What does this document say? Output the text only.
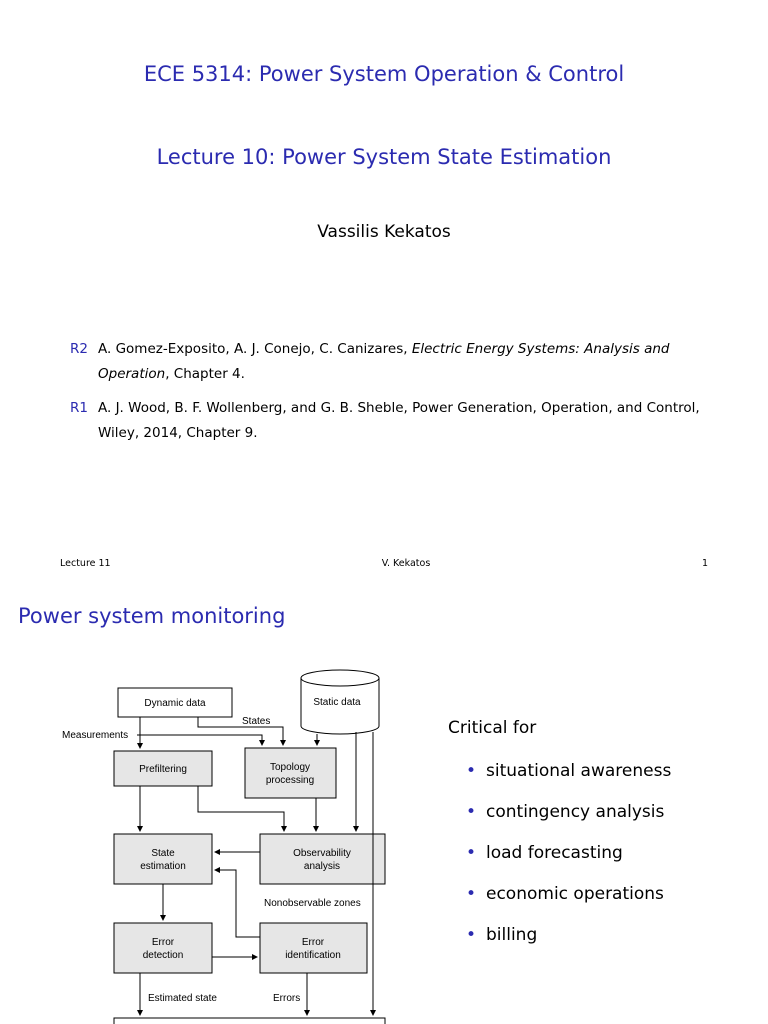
ECE 5314: Power System Operation & Control
Lecture 10: Power System State Estimation
Vassilis Kekatos
R2 A. Gomez-Exposito, A. J. Conejo, C. Canizares, Electric Energy Systems: Analysis and Operation, Chapter 4.
R1 A. J. Wood, B. F. Wollenberg, and G. B. Sheble, Power Generation, Operation, and Control, Wiley, 2014, Chapter 9.
Lecture 11	V. Kekatos	1
Power system monitoring
Dynamic data	Static data
Prefiltering	Topology
processing
State
estimation
Observability
analysis
Error
detection
Error
identification
Measurements
States
Nonobservable zones
Estimated state	Errors
Critical for
• situational awareness
• contingency analysis
• load forecasting
• economic operations
• billing
